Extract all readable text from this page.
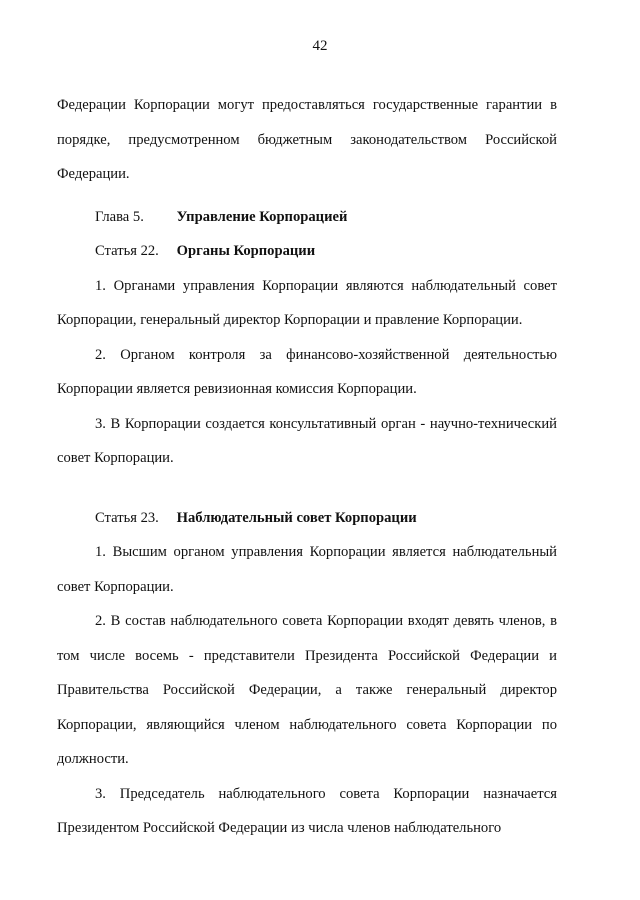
42

Федерации Корпорации могут предоставляться государственные гарантии в порядке, предусмотренном бюджетным законодательством Российской Федерации.

Глава 5. Управление Корпорацией

Статья 22. Органы Корпорации

1. Органами управления Корпорации являются наблюдательный совет Корпорации, генеральный директор Корпорации и правление Корпорации.

2. Органом контроля за финансово-хозяйственной деятельностью Корпорации является ревизионная комиссия Корпорации.

3. В Корпорации создается консультативный орган - научно-технический совет Корпорации.

Статья 23. Наблюдательный совет Корпорации

1. Высшим органом управления Корпорации является наблюдательный совет Корпорации.

2. В состав наблюдательного совета Корпорации входят девять членов, в том числе восемь - представители Президента Российской Федерации и Правительства Российской Федерации, а также генеральный директор Корпорации, являющийся членом наблюдательного совета Корпорации по должности.

3. Председатель наблюдательного совета Корпорации назначается Президентом Российской Федерации из числа членов наблюдательного
